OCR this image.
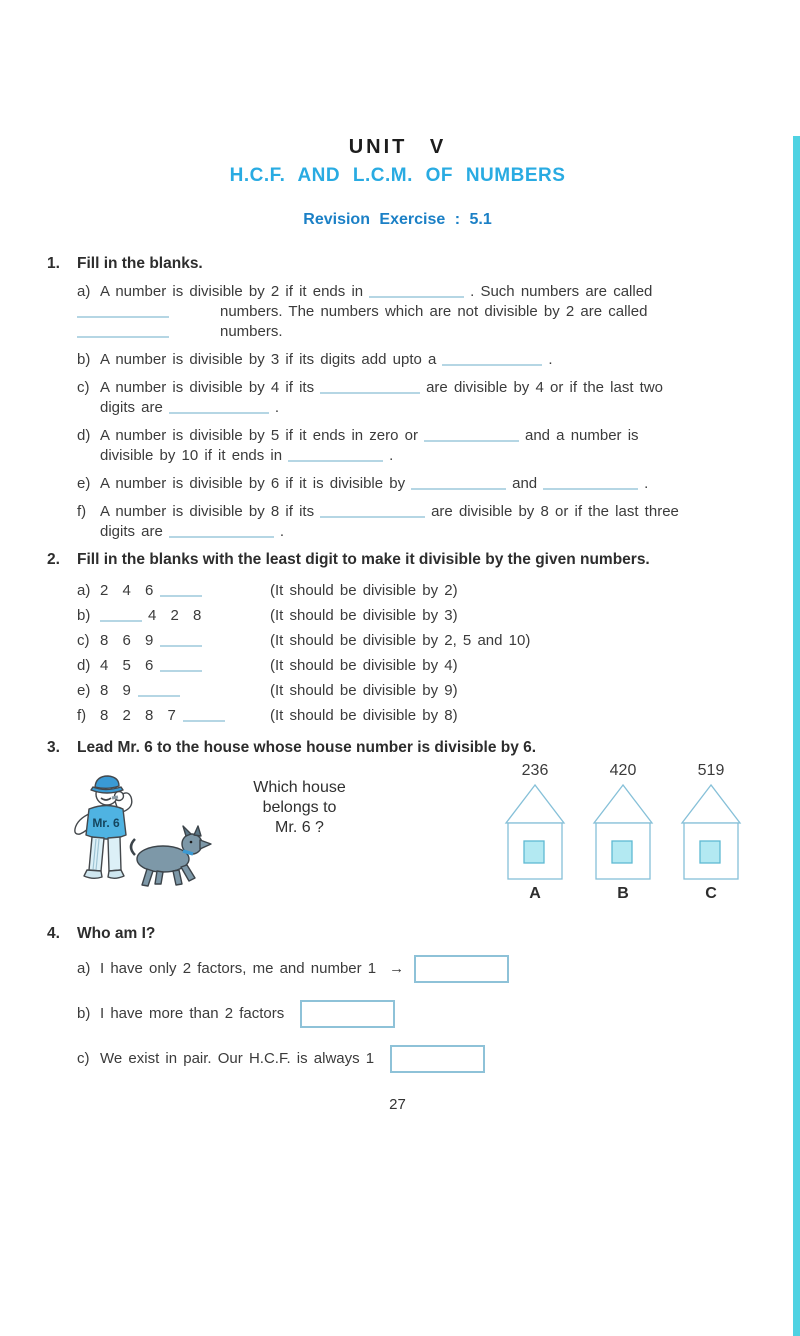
UNIT V
H.C.F. AND L.C.M. OF NUMBERS
Revision Exercise : 5.1
1.	Fill in the blanks.
a) A number is divisible by 2 if it ends in	. Such numbers are called
numbers. The numbers which are not divisible by 2 are called
numbers.
b) A number is divisible by 3 if its digits add upto a	.
c) A number is divisible by 4 if its	are divisible by 4 or if the last two
digits are	.
d) A number is divisible by 5 if it ends in zero or	and a number is
divisible by 10 if it ends in	.
e) A number is divisible by 6 if it is divisible by	and	.
f) A number is divisible by 8 if its	are divisible by 8 or if the last three
digits are	.
2.	Fill in the blanks with the least digit to make it divisible by the given numbers.
a) 2 4 6	(It should be divisible by 2)
b)	4 2 8	(It should be divisible by 3)
c) 8 6 9	(It should be divisible by 2, 5 and 10)
d) 4 5 6	(It should be divisible by 4)
e) 8 9	(It should be divisible by 9)
f) 8 2 8 7	(It should be divisible by 8)
3.	Lead Mr. 6 to the house whose house number is divisible by 6.
Mr. 6
Which house
belongs to
Mr. 6 ?
236
A
420
B
519
C
4.	Who am I?
a) I have only 2 factors, me and number 1 →
b) I have more than 2 factors
c) We exist in pair. Our H.C.F. is always 1
27
